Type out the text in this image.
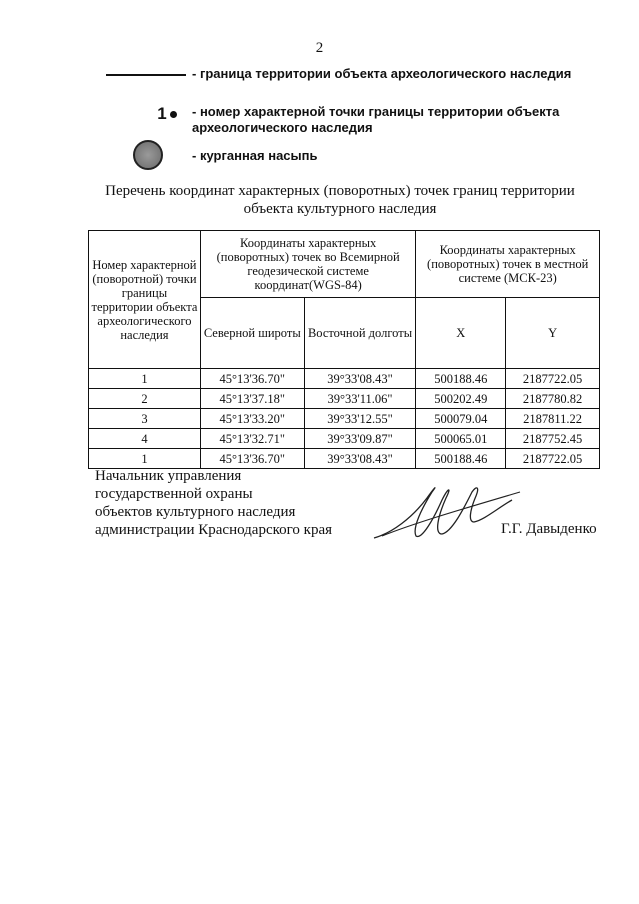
2
- граница территории объекта археологического наследия
1 - номер характерной точки границы территории объекта археологического наследия
- курганная насыпь
Перечень координат характерных (поворотных) точек границ территории
объекта культурного наследия
Номер характерной (поворотной) точки границы территории объекта археологического наследия	Координаты характерных (поворотных) точек во Всемирной геодезической системе координат(WGS-84)		Координаты характерных (поворотных) точек в местной системе (МСК-23)	
	Северной широты	Восточной долготы	X	Y
1	45°13'36.70"	39°33'08.43"	500188.46	2187722.05
2	45°13'37.18"	39°33'11.06"	500202.49	2187780.82
3	45°13'33.20"	39°33'12.55"	500079.04	2187811.22
4	45°13'32.71"	39°33'09.87"	500065.01	2187752.45
1	45°13'36.70"	39°33'08.43"	500188.46	2187722.05
Начальник управления
государственной охраны
объектов культурного наследия
администрации Краснодарского края	Г.Г. Давыденко
